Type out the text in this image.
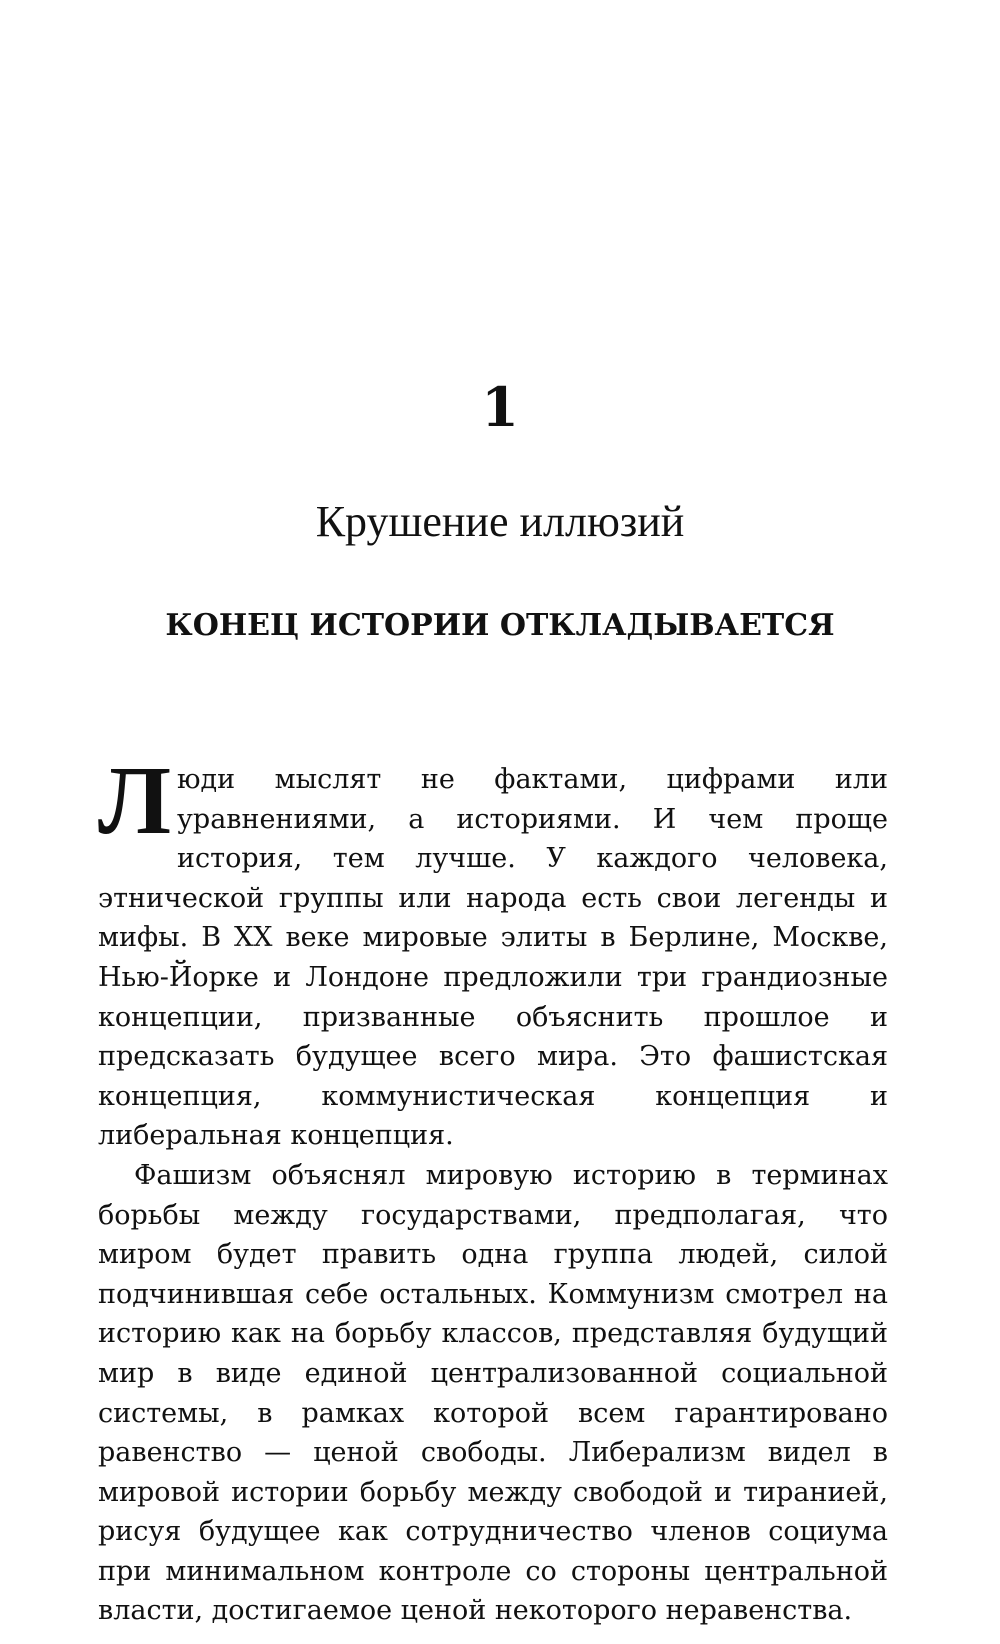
1
Крушение иллюзий
КОНЕЦ ИСТОРИИ ОТКЛАДЫВАЕТСЯ

Люди мыслят не фактами, цифрами или уравнениями, а историями. И чем проще история, тем лучше. У каждого человека, этнической группы или народа есть свои легенды и мифы. В XX веке мировые элиты в Берлине, Москве, Нью-Йорке и Лондоне предложили три грандиозные концепции, призванные объяснить прошлое и предсказать будущее всего мира. Это фашистская концепция, коммунистическая концепция и либеральная концепция.

Фашизм объяснял мировую историю в терминах борьбы между государствами, предполагая, что миром будет править одна группа людей, силой подчинившая себе остальных. Коммунизм смотрел на историю как на борьбу классов, представляя будущий мир в виде единой централизованной социальной системы, в рамках которой всем гарантировано равенство — ценой свободы. Либерализм видел в мировой истории борьбу между свободой и тиранией, рисуя будущее как сотрудничество членов социума при минимальном контроле со стороны центральной власти, достигаемое ценой некоторого неравенства.
